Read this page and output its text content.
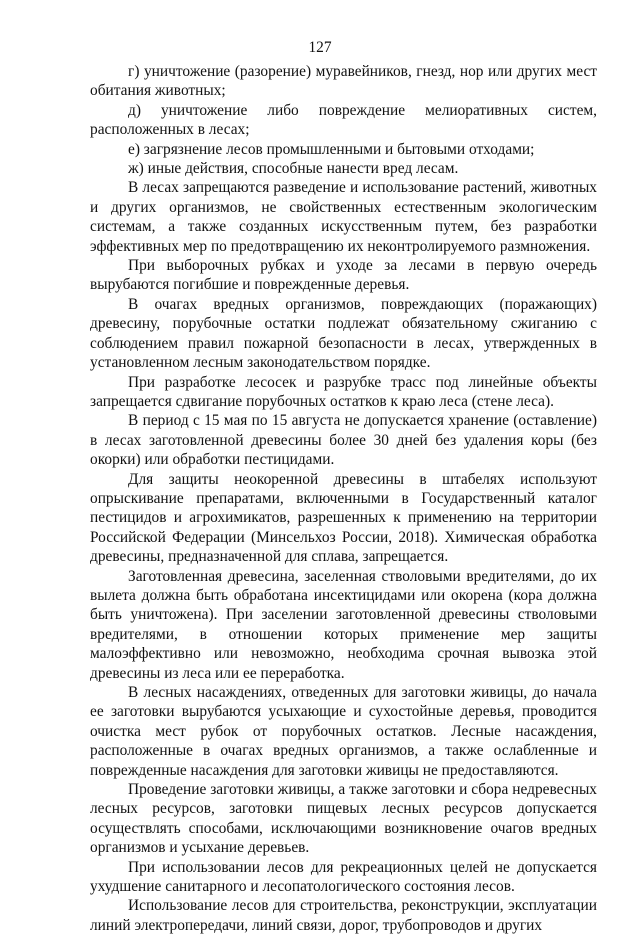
127

г) уничтожение (разорение) муравейников, гнезд, нор или других мест обитания животных;

д) уничтожение либо повреждение мелиоративных систем, расположенных в лесах;

е) загрязнение лесов промышленными и бытовыми отходами;

ж) иные действия, способные нанести вред лесам.

В лесах запрещаются разведение и использование растений, животных и других организмов, не свойственных естественным экологическим системам, а также созданных искусственным путем, без разработки эффективных мер по предотвращению их неконтролируемого размножения.

При выборочных рубках и уходе за лесами в первую очередь вырубаются погибшие и поврежденные деревья.

В очагах вредных организмов, повреждающих (поражающих) древесину, порубочные остатки подлежат обязательному сжиганию с соблюдением правил пожарной безопасности в лесах, утвержденных в установленном лесным законодательством порядке.

При разработке лесосек и разрубке трасс под линейные объекты запрещается сдвигание порубочных остатков к краю леса (стене леса).

В период с 15 мая по 15 августа не допускается хранение (оставление) в лесах заготовленной древесины более 30 дней без удаления коры (без окорки) или обработки пестицидами.

Для защиты неокоренной древесины в штабелях используют опрыскивание препаратами, включенными в Государственный каталог пестицидов и агрохимикатов, разрешенных к применению на территории Российской Федерации (Минсельхоз России, 2018). Химическая обработка древесины, предназначенной для сплава, запрещается.

Заготовленная древесина, заселенная стволовыми вредителями, до их вылета должна быть обработана инсектицидами или окорена (кора должна быть уничтожена). При заселении заготовленной древесины стволовыми вредителями, в отношении которых применение мер защиты малоэффективно или невозможно, необходима срочная вывозка этой древесины из леса или ее переработка.

В лесных насаждениях, отведенных для заготовки живицы, до начала ее заготовки вырубаются усыхающие и сухостойные деревья, проводится очистка мест рубок от порубочных остатков. Лесные насаждения, расположенные в очагах вредных организмов, а также ослабленные и поврежденные насаждения для заготовки живицы не предоставляются.

Проведение заготовки живицы, а также заготовки и сбора недревесных лесных ресурсов, заготовки пищевых лесных ресурсов допускается осуществлять способами, исключающими возникновение очагов вредных организмов и усыхание деревьев.

При использовании лесов для рекреационных целей не допускается ухудшение санитарного и лесопатологического состояния лесов.

Использование лесов для строительства, реконструкции, эксплуатации линий электропередачи, линий связи, дорог, трубопроводов и других
